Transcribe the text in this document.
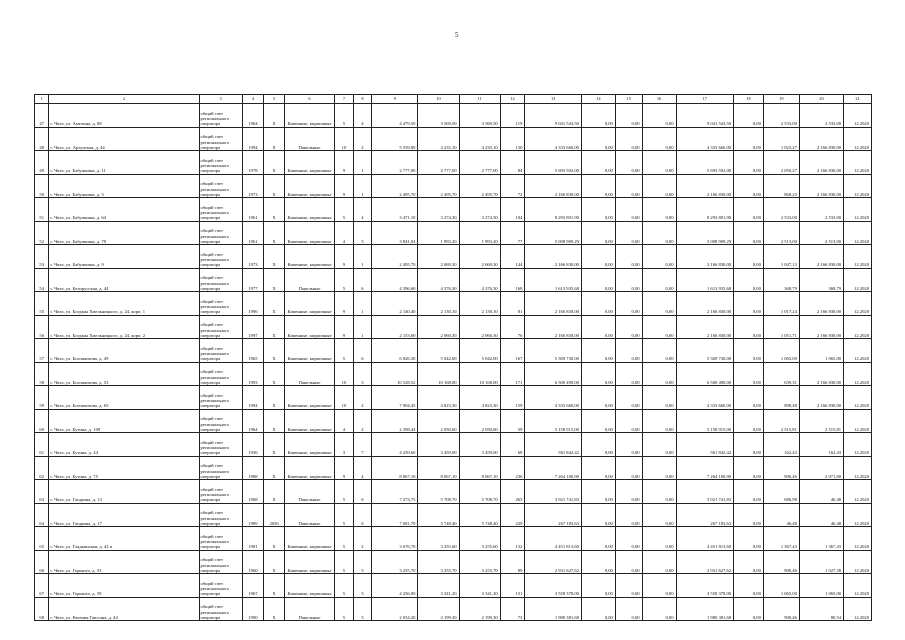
5
1	2	3	4	5	6	7	8	9	10	11	12	13	14	15	16	17	18	19	20	21
47	г. Чита, ул. Амелина, д. 88	общий счет регионального оператора	1964	Х	Каменные, кирпичные	5	4	4 479,50	3 569,50	3 569,50	119	9 041 543,50	0,00	0,00	0,00	9 041 543,50	0,00	2 533,00	2 533,00	12.2020
48	г. Чита, ул. Артунская, д. 44	общий счет регионального оператора	1994	Х	Панельные	10	2	5 559,80	4 235,10	4 235,10	130	4 333 660,00	0,00	0,00	0,00	4 333 660,00	0,00	1 023,27	2 166 830,00	12.2020
49	г. Чита, ул. Бабушкина, д. 11	общий счет регионального оператора	1978	Х	Каменные, кирпичные	9	1	2 777,00	2 777,00	2 777,00	84	5 693 592,00	0,00	0,00	0,00	5 693 592,00	0,00	2 050,27	2 166 830,00	12.2020
50	г. Чита, ул. Бабушкина, д. 3	общий счет регионального оператора	1973	Х	Каменные, кирпичные	9	1	2 495,70	2 495,70	2 495,70	72	2 166 830,00	0,00	0,00	0,00	2 166 830,00	0,00	868,25	2 166 830,00	12.2020
51	г. Чита, ул. Бабушкина, д. 64	общий счет регионального оператора	1961	Х	Каменные, кирпичные	5	4	3 471,10	3 274,30	3 274,30	104	8 293 801,90	0,00	0,00	0,00	8 293 801,90	0,00	2 533,00	2 533,00	12.2020
52	г. Чита, ул. Бабушкина, д. 78	общий счет регионального оператора	1961	Х	Каменные, кирпичные	4	3	3 841,04	1 993,20	1 993,20	77	5 008 909,29	0,00	0,00	0,00	5 008 909,29	0,00	2 513,00	2 513,00	12.2020
53	г. Чита, ул. Бабушкина, д. 9	общий счет регионального оператора	1973	Х	Каменные, кирпичные	9	1	2 495,70	2 069,30	2 069,30	144	2 166 830,00	0,00	0,00	0,00	2 166 830,00	0,00	1 047,13	2 166 830,00	12.2020
54	г. Чита, ул. Белорусская, д. 44	общий счет регионального оператора	1977	Х	Панельные	5	6	4 396,60	4 376,30	4 376,30	168	1 613 935,68	0,00	0,00	0,00	1 613 935,68	0,00	368,79	368,79	12.2020
55	г. Чита, ул. Богдана Хмельницкого, д. 24, корп. 1	общий счет регионального оператора	1996	Х	Каменные, кирпичные	9	1	2 140,40	2 130,10	2 130,10	81	2 166 830,00	0,00	0,00	0,00	2 166 830,00	0,00	1 017,24	2 166 830,00	12.2020
56	г. Чита, ул. Богдана Хмельницкого, д. 24, корп. 2	общий счет регионального оператора	1997	Х	Каменные, кирпичные	9	1	2 153,60	2 060,30	2 060,30	76	2 166 830,00	0,00	0,00	0,00	2 166 830,00	0,00	1 051,71	2 166 830,00	12.2020
57	г. Чита, ул. Богомягкова, д. 49	общий счет регионального оператора	1965	Х	Каменные, кирпичные	5	6	6 826,30	5 042,00	5 042,00	167	5 369 730,00	0,00	0,00	0,00	5 369 730,00	0,00	1 065,00	1 065,00	12.2020
58	г. Чита, ул. Богомягкова, д. 53	общий счет регионального оператора	1993	Х	Панельные	10	3	10 528,52	10 168,00	10 168,00	171	6 500 490,00	0,00	0,00	0,00	6 500 490,00	0,00	639,31	2 166 830,00	12.2020
59	г. Чита, ул. Богомягкова, д. 65	общий счет регионального оператора	1994	Х	Каменные, кирпичные	10	2	7 904,45	4 823,30	4 823,30	159	4 333 660,00	0,00	0,00	0,00	4 333 660,00	0,00	898,48	2 166 830,00	12.2020
60	г. Чита, ул. Бутина, д. 109	общий счет регионального оператора	1964	Х	Каменные, кирпичные	4	2	2 398,44	2 050,60	2 050,60	59	5 158 915,00	0,00	0,00	0,00	5 158 915,00	0,00	2 515,81	2 515,81	12.2020
61	г. Чита, ул. Бутина, д. 44	общий счет регионального оператора	1936	Х	Каменные, кирпичные	3	7	4 239,60	3 459,00	3 459,00	68	561 842,42	0,00	0,00	0,00	561 842,42	0,00	162,43	162,43	12.2020
62	г. Чита, ул. Бутина, д. 75	общий счет регионального оператора	1988	Х	Каменные, кирпичные	9	4	8 067,10	8 067,10	8 067,10	236	7 264 100,90	0,00	0,00	0,00	7 264 100,90	0,00	900,46	2 071,80	12.2020
63	г. Чита, ул. Гагарина, д. 13	общий счет регионального оператора	1968	Х	Панельные	5	6	7 273,75	5 708,70	5 708,70	265	3 921 741,83	0,00	0,00	0,00	3 921 741,83	0,00	686,98	46,48	12.2020
64	г. Чита, ул. Гагарина, д. 17	общий счет регионального оператора	1989	2036	Панельные	5	6	7 681,70	5 748,40	5 748,40	229	267 183,63	0,00	0,00	0,00	267 183,63	0,00	46,48	46,48	12.2020
65	г. Чита, ул. Гладкинская, д. 42 в	общий счет регионального оператора	1981	Х	Каменные, кирпичные	5	2	3 676,70	3 255,60	3 255,60	132	4 451 813,60	0,00	0,00	0,00	4 451 813,60	0,00	1 367,43	1 367,43	12.2020
66	г. Чита, ул. Горького, д. 53	общий счет регионального оператора	1960	Х	Каменные, кирпичные	5	3	3 255,70	3 255,70	3 255,70	89	2 931 627,62	0,00	0,00	0,00	2 931 627,62	0,00	900,46	1 027,38	12.2020
67	г. Чита, ул. Горького, д. 59	общий счет регионального оператора	1967	Х	Каменные, кирпичные	5	3	4 256,00	3 341,20	3 341,20	131	3 558 378,00	0,00	0,00	0,00	3 558 378,00	0,00	1 065,00	1 065,00	12.2020
68	г. Чита, ул. Евгения Гаюсана, д. 44	общий счет регионального оператора	1990	Х	Панельные	5	3	2 034,20	2 199,30	2 199,30	73	1 980 381,68	0,00	0,00	0,00	1 980 381,68	0,00	900,46	80,54	12.2020
